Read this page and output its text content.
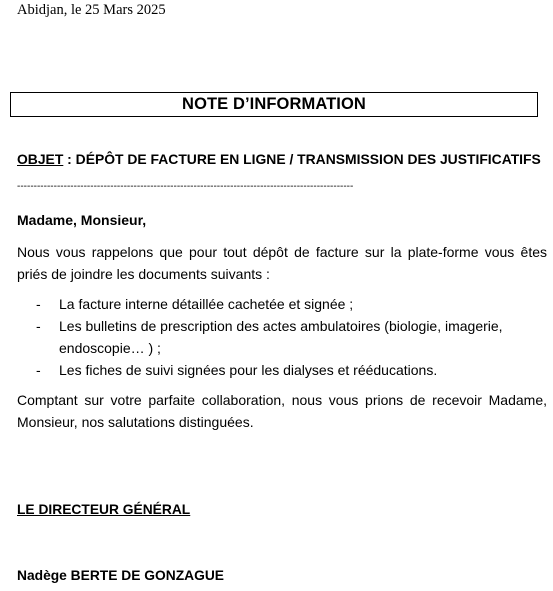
Abidjan, le 25 Mars 2025
NOTE D’INFORMATION
OBJET : DÉPÔT DE FACTURE EN LIGNE / TRANSMISSION DES JUSTIFICATIFS
-----------------------------------------------------------------------------------------------------
Madame, Monsieur,
Nous vous rappelons que pour tout dépôt de facture sur la plate-forme vous êtes priés de joindre les documents suivants :
- La facture interne détaillée cachetée et signée ;
- Les bulletins de prescription des actes ambulatoires (biologie, imagerie, endoscopie… ) ;
- Les fiches de suivi signées pour les dialyses et rééducations.
Comptant sur votre parfaite collaboration, nous vous prions de recevoir Madame, Monsieur, nos salutations distinguées.
LE DIRECTEUR GÉNÉRAL
Nadège BERTE DE GONZAGUE
